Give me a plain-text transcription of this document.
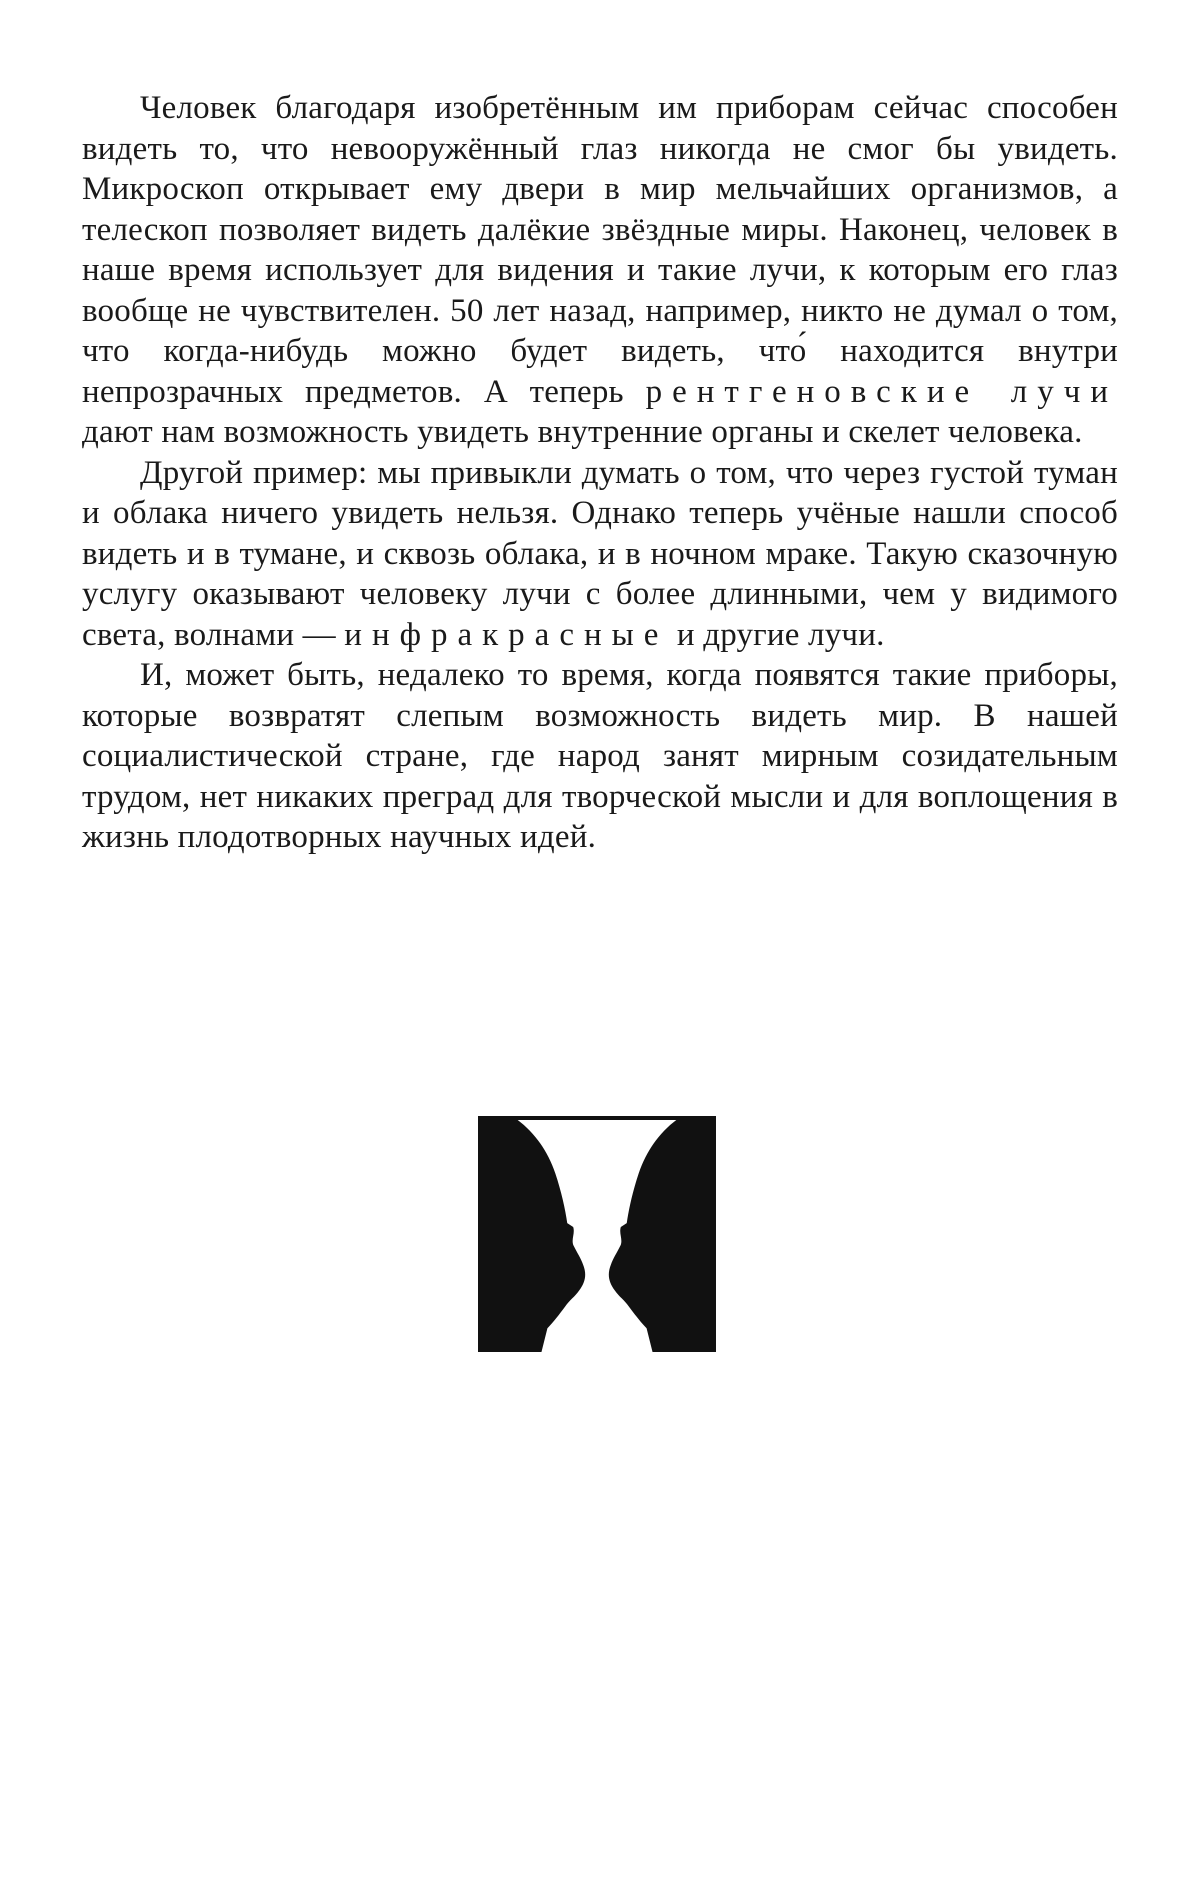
Человек благодаря изобретённым им приборам сейчас способен видеть то, что невооружённый глаз никогда не смог бы увидеть. Микроскоп открывает ему двери в мир мельчайших организмов, а телескоп позволяет видеть далёкие звёздные миры. Наконец, человек в наше время использует для видения и такие лучи, к которым его глаз вообще не чувствителен. 50 лет назад, например, никто не думал о том, что когда-нибудь можно будет видеть, что́ находится внутри непрозрачных предметов. А теперь рентгеновские лучи дают нам возможность увидеть внутренние органы и скелет человека.

Другой пример: мы привыкли думать о том, что через густой туман и облака ничего увидеть нельзя. Однако теперь учёные нашли способ видеть и в тумане, и сквозь облака, и в ночном мраке. Такую сказочную услугу оказывают человеку лучи с более длинными, чем у видимого света, волнами — инфракрасные и другие лучи.

И, может быть, недалеко то время, когда появятся такие приборы, которые возвратят слепым возможность видеть мир. В нашей социалистической стране, где народ занят мирным созидательным трудом, нет никаких преград для творческой мысли и для воплощения в жизнь плодотворных научных идей.
